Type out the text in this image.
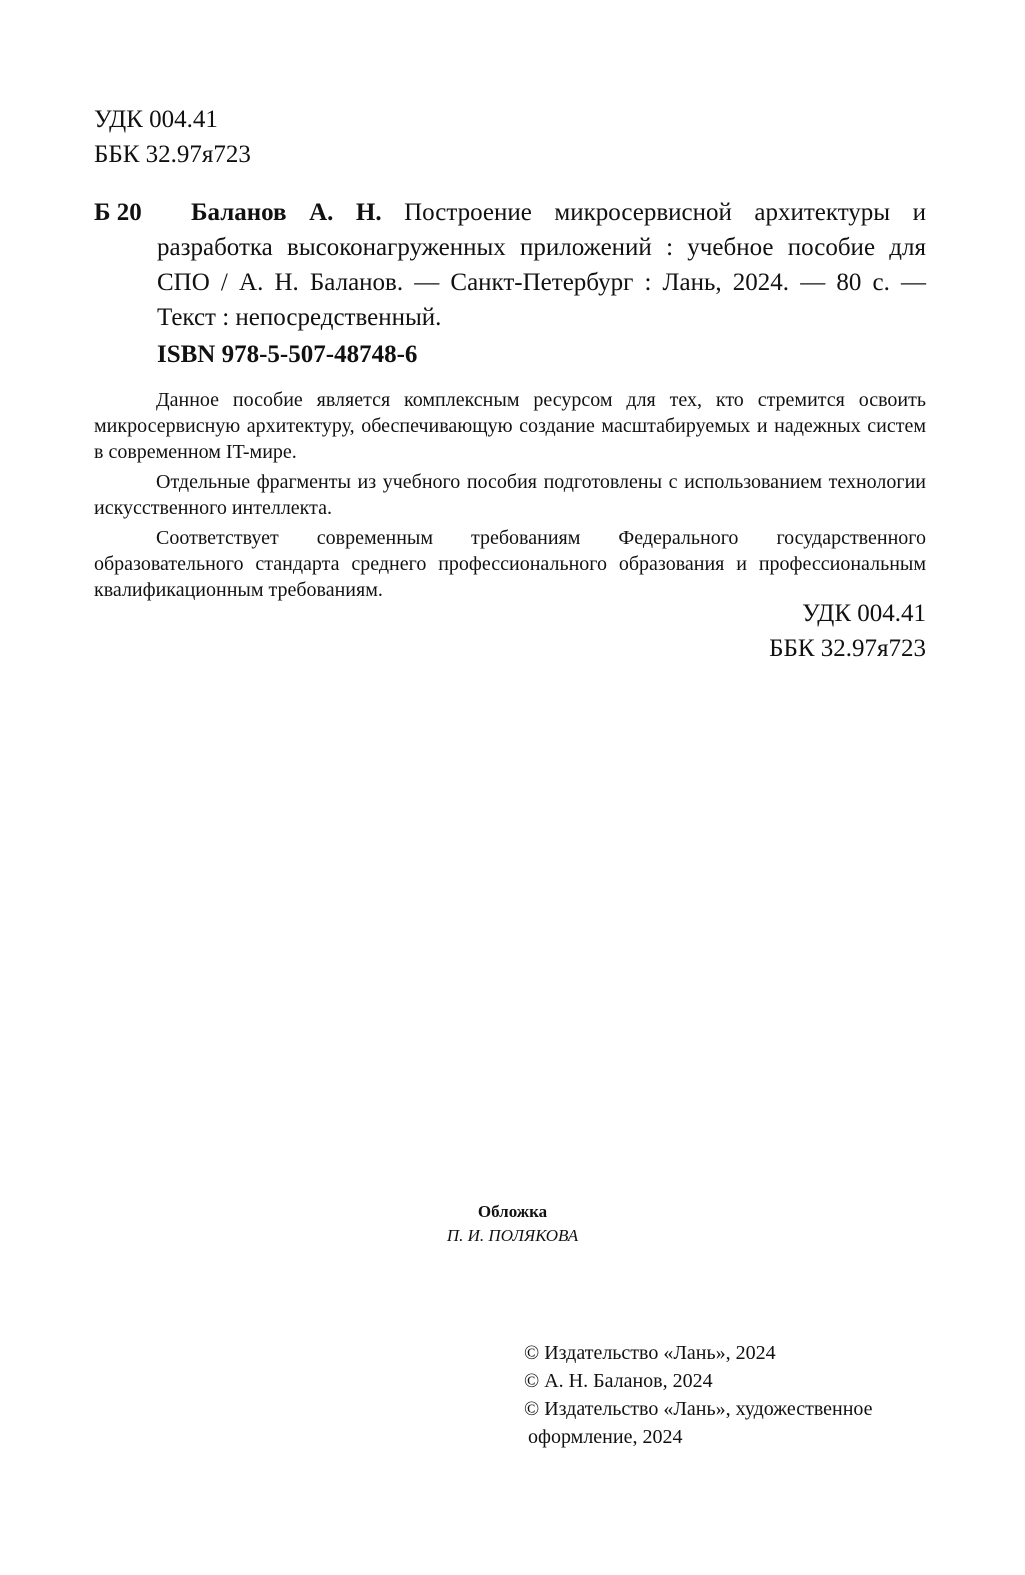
УДК 004.41
ББК 32.97я723
Б 20	Баланов А. Н. Построение микросервисной архитектуры и разработка высоконагруженных приложений : учебное пособие для СПО / А. Н. Баланов. — Санкт-Петербург : Лань, 2024. — 80 с. — Текст : непосредственный.
ISBN 978-5-507-48748-6

Данное пособие является комплексным ресурсом для тех, кто стремится освоить микросервисную архитектуру, обеспечивающую создание масштабируемых и надежных систем в современном IT-мире.

Отдельные фрагменты из учебного пособия подготовлены с использованием технологии искусственного интеллекта.

Соответствует современным требованиям Федерального государственного образовательного стандарта среднего профессионального образования и профессиональным квалификационным требованиям.

УДК 004.41
ББК 32.97я723
Обложка
П. И. ПОЛЯКОВА
© Издательство «Лань», 2024
© А. Н. Баланов, 2024
© Издательство «Лань», художественное
оформление, 2024
